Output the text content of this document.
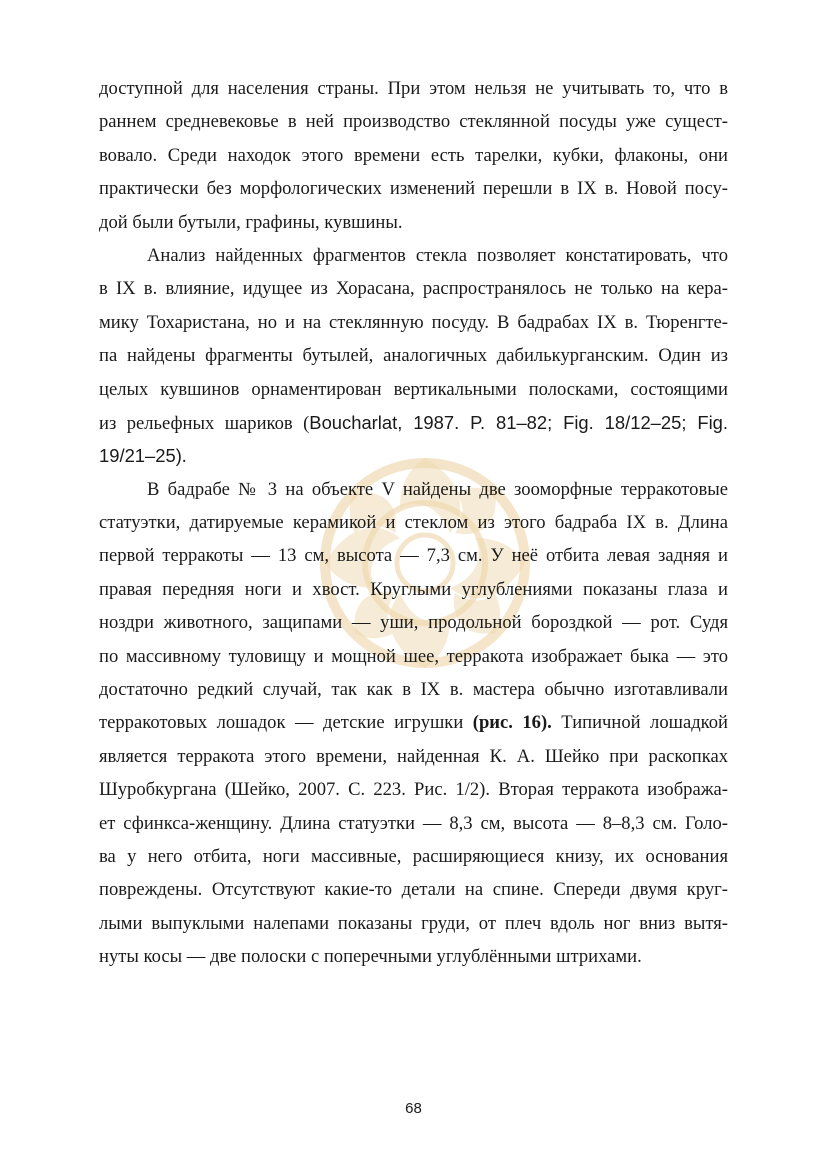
доступной для населения страны. При этом нельзя не учитывать то, что в
раннем средневековье в ней производство стеклянной посуды уже сущест-
вовало. Среди находок этого времени есть тарелки, кубки, флаконы, они
практически без морфологических изменений перешли в IX в. Новой посу-
дой были бутыли, графины, кувшины.
Анализ найденных фрагментов стекла позволяет констатировать, что
в IX в. влияние, идущее из Хорасана, распространялось не только на кера-
мику Тохаристана, но и на стеклянную посуду. В бадрабах IX в. Тюренгте-
па найдены фрагменты бутылей, аналогичных дабилькурганским. Один из
целых кувшинов орнаментирован вертикальными полосками, состоящими
из рельефных шариков (Boucharlat, 1987. P. 81–82; Fig. 18/12–25; Fig.
19/21–25).
В бадрабе № 3 на объекте V найдены две зооморфные терракотовые
статуэтки, датируемые керамикой и стеклом из этого бадраба IX в. Длина
первой терракоты — 13 см, высота — 7,3 см. У неё отбита левая задняя и
правая передняя ноги и хвост. Круглыми углублениями показаны глаза и
ноздри животного, защипами — уши, продольной бороздкой — рот. Судя
по массивному туловищу и мощной шее, терракота изображает быка — это
достаточно редкий случай, так как в IX в. мастера обычно изготавливали
терракотовых лошадок — детские игрушки (рис. 16). Типичной лошадкой
является терракота этого времени, найденная К. А. Шейко при раскопках
Шуробкургана (Шейко, 2007. С. 223. Рис. 1/2). Вторая терракота изобража-
ет сфинкса-женщину. Длина статуэтки — 8,3 см, высота — 8–8,3 см. Голо-
ва у него отбита, ноги массивные, расширяющиеся книзу, их основания
повреждены. Отсутствуют какие-то детали на спине. Спереди двумя круг-
лыми выпуклыми налепами показаны груди, от плеч вдоль ног вниз вытя-
нуты косы — две полоски с поперечными углублёнными штрихами.
68
